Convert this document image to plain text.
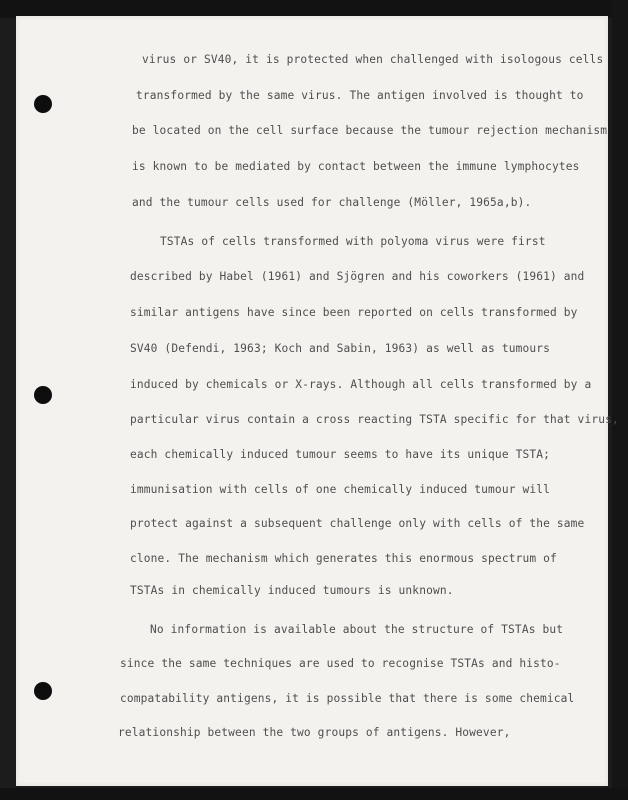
virus or SV40, it is protected when challenged with isologous cells
transformed by the same virus. The antigen involved is thought to
be located on the cell surface because the tumour rejection mechanism
is known to be mediated by contact between the immune lymphocytes
and the tumour cells used for challenge (Möller, 1965a,b).
TSTAs of cells transformed with polyoma virus were first
described by Habel (1961) and Sjögren and his coworkers (1961) and
similar antigens have since been reported on cells transformed by
SV40 (Defendi, 1963; Koch and Sabin, 1963) as well as tumours
induced by chemicals or X-rays. Although all cells transformed by a
particular virus contain a cross reacting TSTA specific for that virus,
each chemically induced tumour seems to have its unique TSTA;
immunisation with cells of one chemically induced tumour will
protect against a subsequent challenge only with cells of the same
clone. The mechanism which generates this enormous spectrum of
TSTAs in chemically induced tumours is unknown.
No information is available about the structure of TSTAs but
since the same techniques are used to recognise TSTAs and histo-
compatability antigens, it is possible that there is some chemical
relationship between the two groups of antigens. However,
